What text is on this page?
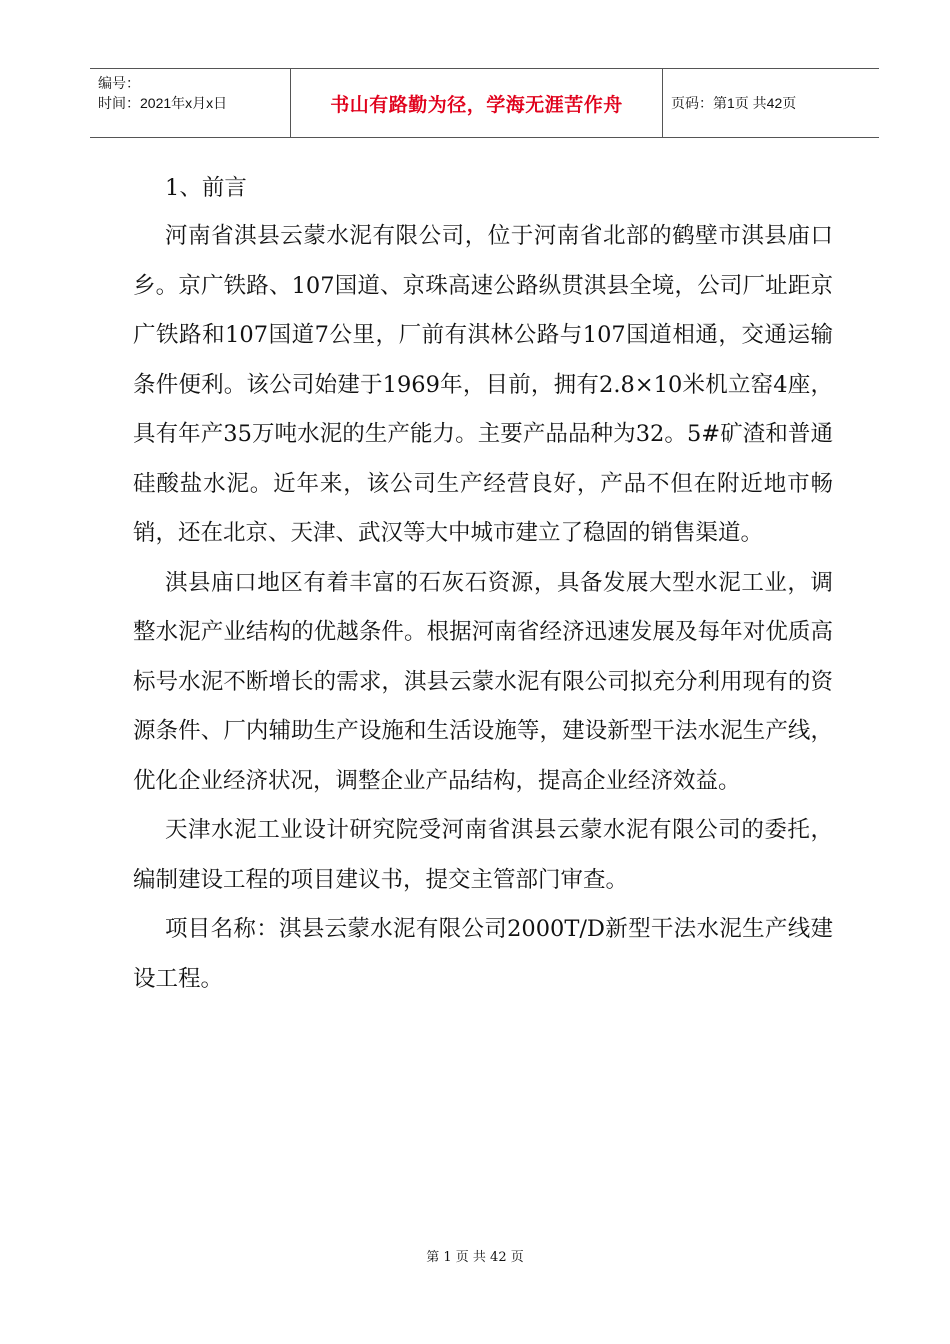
编号：
时间：2021年x月x日	书山有路勤为径，学海无涯苦作舟	页码：第1页 共42页

1、前言

河南省淇县云蒙水泥有限公司，位于河南省北部的鹤壁市淇县庙口乡。京广铁路、107国道、京珠高速公路纵贯淇县全境，公司厂址距京广铁路和107国道7公里，厂前有淇林公路与107国道相通，交通运输条件便利。该公司始建于1969年，目前，拥有2.8×10米机立窑4座，具有年产35万吨水泥的生产能力。主要产品品种为32。5#矿渣和普通硅酸盐水泥。近年来，该公司生产经营良好，产品不但在附近地市畅销，还在北京、天津、武汉等大中城市建立了稳固的销售渠道。

淇县庙口地区有着丰富的石灰石资源，具备发展大型水泥工业，调整水泥产业结构的优越条件。根据河南省经济迅速发展及每年对优质高标号水泥不断增长的需求，淇县云蒙水泥有限公司拟充分利用现有的资源条件、厂内辅助生产设施和生活设施等，建设新型干法水泥生产线，优化企业经济状况，调整企业产品结构，提高企业经济效益。

天津水泥工业设计研究院受河南省淇县云蒙水泥有限公司的委托，编制建设工程的项目建议书，提交主管部门审查。

项目名称：淇县云蒙水泥有限公司2000T/D新型干法水泥生产线建设工程。

第 1 页 共 42 页
